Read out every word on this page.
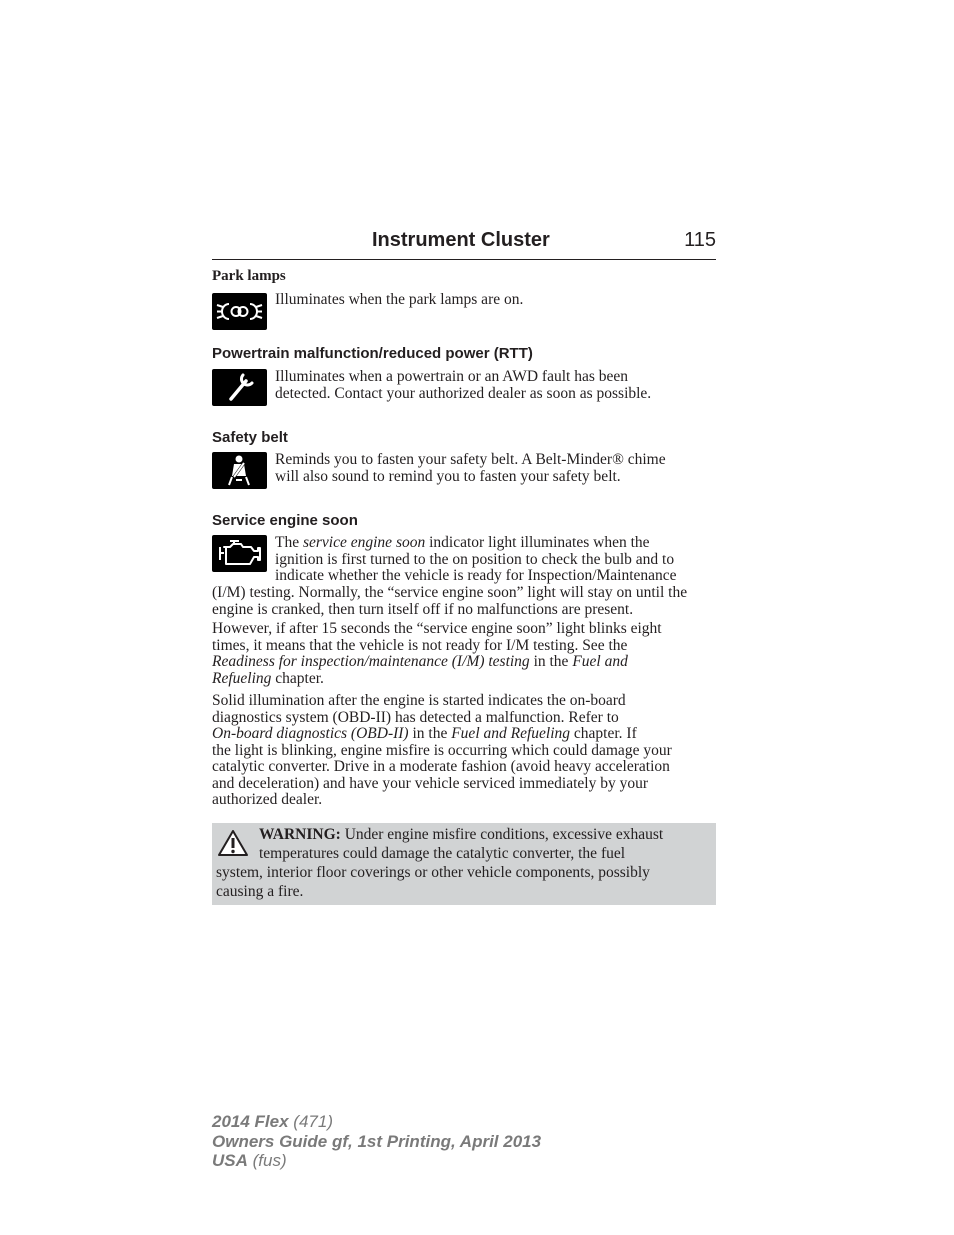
Instrument Cluster	115
Park lamps
Illuminates when the park lamps are on.
Powertrain malfunction/reduced power (RTT)
Illuminates when a powertrain or an AWD fault has been
detected. Contact your authorized dealer as soon as possible.
Safety belt
Reminds you to fasten your safety belt. A Belt-Minder® chime
will also sound to remind you to fasten your safety belt.
Service engine soon
The service engine soon indicator light illuminates when the
ignition is first turned to the on position to check the bulb and to
indicate whether the vehicle is ready for Inspection/Maintenance
(I/M) testing. Normally, the “service engine soon” light will stay on until the
engine is cranked, then turn itself off if no malfunctions are present.
However, if after 15 seconds the “service engine soon” light blinks eight
times, it means that the vehicle is not ready for I/M testing. See the
Readiness for inspection/maintenance (I/M) testing in the Fuel and
Refueling chapter.
Solid illumination after the engine is started indicates the on-board
diagnostics system (OBD-II) has detected a malfunction. Refer to
On-board diagnostics (OBD-II) in the Fuel and Refueling chapter. If
the light is blinking, engine misfire is occurring which could damage your
catalytic converter. Drive in a moderate fashion (avoid heavy acceleration
and deceleration) and have your vehicle serviced immediately by your
authorized dealer.
WARNING: Under engine misfire conditions, excessive exhaust
temperatures could damage the catalytic converter, the fuel
system, interior floor coverings or other vehicle components, possibly
causing a fire.
2014 Flex (471)
Owners Guide gf, 1st Printing, April 2013
USA (fus)
